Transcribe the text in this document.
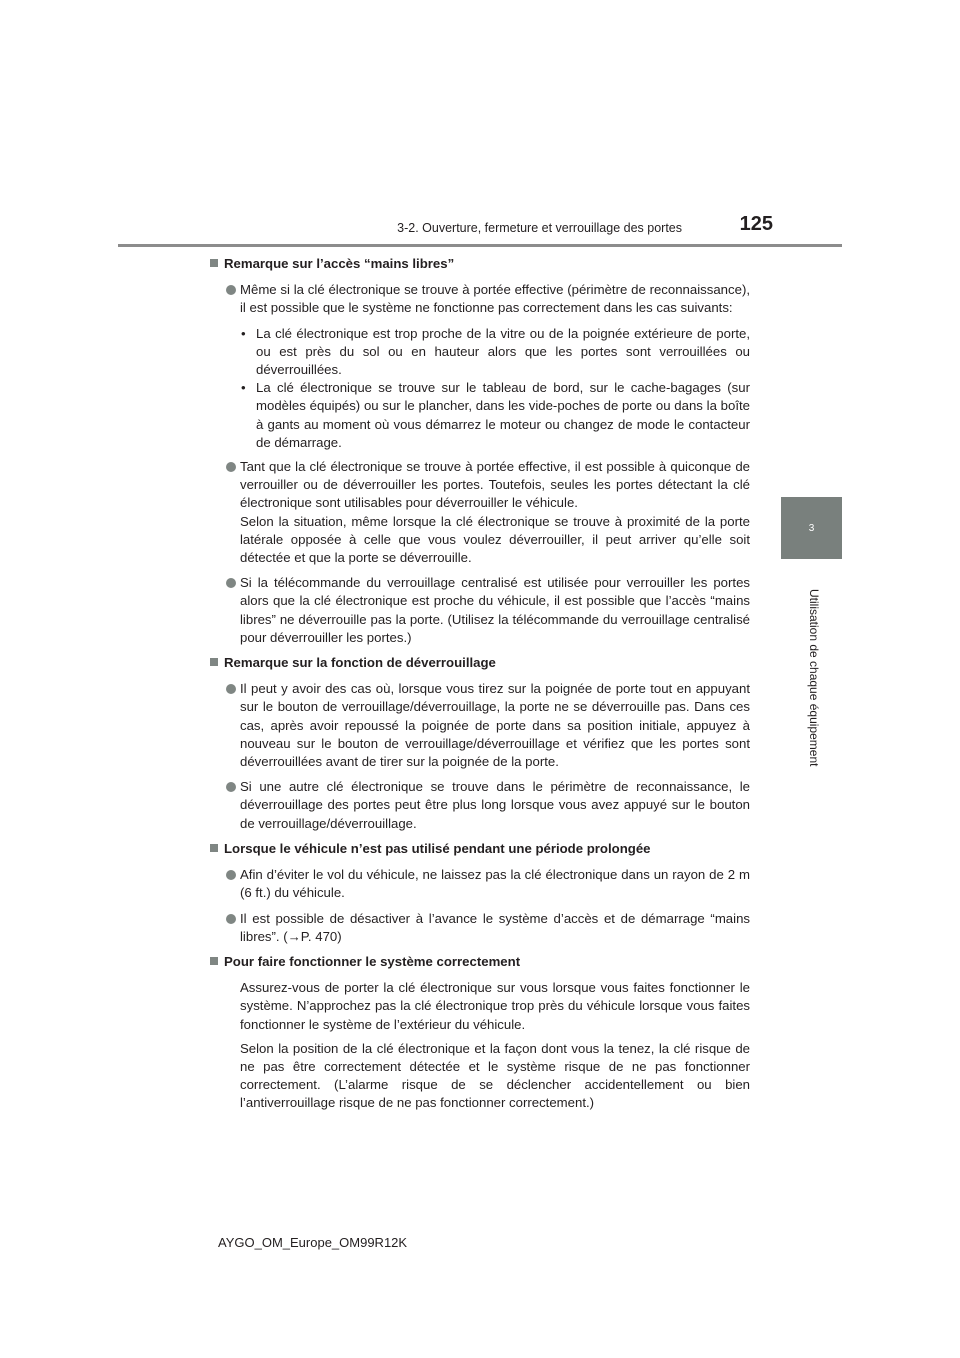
3-2. Ouverture, fermeture et verrouillage des portes	125
3
Utilisation de chaque équipement
Remarque sur l’accès “mains libres”
Même si la clé électronique se trouve à portée effective (périmètre de reconnaissance), il est possible que le système ne fonctionne pas correctement dans les cas suivants:
• La clé électronique est trop proche de la vitre ou de la poignée extérieure de porte, ou est près du sol ou en hauteur alors que les portes sont verrouillées ou déverrouillées.
• La clé électronique se trouve sur le tableau de bord, sur le cache-bagages (sur modèles équipés) ou sur le plancher, dans les vide-poches de porte ou dans la boîte à gants au moment où vous démarrez le moteur ou changez de mode le contacteur de démarrage.
Tant que la clé électronique se trouve à portée effective, il est possible à quiconque de verrouiller ou de déverrouiller les portes. Toutefois, seules les portes détectant la clé électronique sont utilisables pour déverrouiller le véhicule.
Selon la situation, même lorsque la clé électronique se trouve à proximité de la porte latérale opposée à celle que vous voulez déverrouiller, il peut arriver qu’elle soit détectée et que la porte se déverrouille.
Si la télécommande du verrouillage centralisé est utilisée pour verrouiller les portes alors que la clé électronique est proche du véhicule, il est possible que l’accès “mains libres” ne déverrouille pas la porte. (Utilisez la télécommande du verrouillage centralisé pour déverrouiller les portes.)
Remarque sur la fonction de déverrouillage
Il peut y avoir des cas où, lorsque vous tirez sur la poignée de porte tout en appuyant sur le bouton de verrouillage/déverrouillage, la porte ne se déverrouille pas. Dans ces cas, après avoir repoussé la poignée de porte dans sa position initiale, appuyez à nouveau sur le bouton de verrouillage/déverrouillage et vérifiez que les portes sont déverrouillées avant de tirer sur la poignée de la porte.
Si une autre clé électronique se trouve dans le périmètre de reconnaissance, le déverrouillage des portes peut être plus long lorsque vous avez appuyé sur le bouton de verrouillage/déverrouillage.
Lorsque le véhicule n’est pas utilisé pendant une période prolongée
Afin d’éviter le vol du véhicule, ne laissez pas la clé électronique dans un rayon de 2 m (6 ft.) du véhicule.
Il est possible de désactiver à l’avance le système d’accès et de démarrage “mains libres”. (→P. 470)
Pour faire fonctionner le système correctement
Assurez-vous de porter la clé électronique sur vous lorsque vous faites fonctionner le système. N’approchez pas la clé électronique trop près du véhicule lorsque vous faites fonctionner le système de l’extérieur du véhicule.
Selon la position de la clé électronique et la façon dont vous la tenez, la clé risque de ne pas être correctement détectée et le système risque de ne pas fonctionner correctement. (L’alarme risque de se déclencher accidentellement ou bien l’antiverrouillage risque de ne pas fonctionner correctement.)
AYGO_OM_Europe_OM99R12K
